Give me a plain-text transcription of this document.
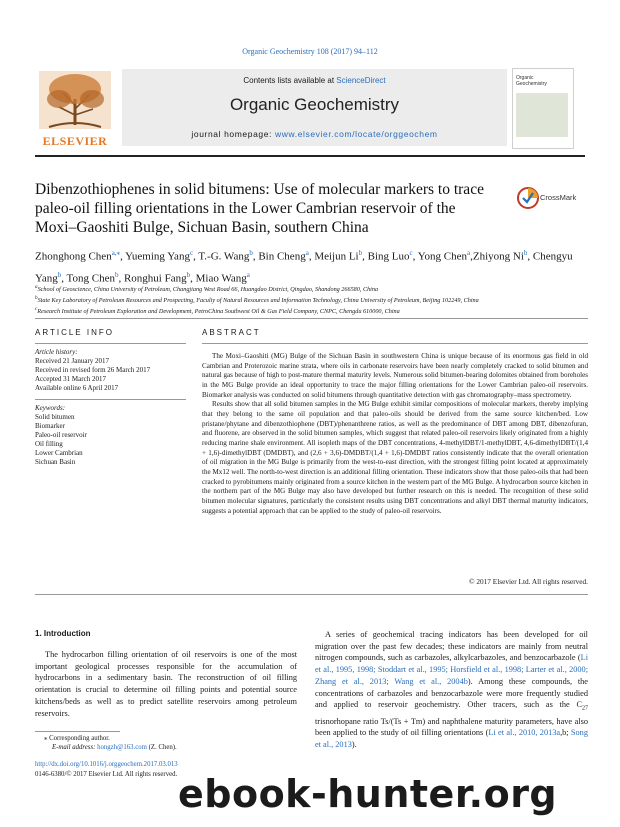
Organic Geochemistry 108 (2017) 94–112
ELSEVIER
Contents lists available at ScienceDirect
Organic Geochemistry
journal homepage: www.elsevier.com/locate/orggeochem
Organic Geochemistry
Dibenzothiophenes in solid bitumens: Use of molecular markers to trace paleo-oil filling orientations in the Lower Cambrian reservoir of the Moxi–Gaoshiti Bulge, Sichuan Basin, southern China
CrossMark
Zhonghong Chen$^{a,⁎}$, Yueming Yang$^c$, T.-G. Wang$^b$, Bin Cheng$^a$, Meijun Li$^b$, Bing Luo$^c$, Yong Chen$^a$,Zhiyong Ni$^b$, Chengyu Yang$^b$, Tong Chen$^b$, Ronghui Fang$^b$, Miao Wang$^a$
$^a$School of Geoscience, China University of Petroleum, Changjiang West Road 66, Huangdao District, Qingdao, Shandong 266580, China
$^b$State Key Laboratory of Petroleum Resources and Prospecting, Faculty of Natural Resources and Information Technology, China University of Petroleum, Beijing 102249, China
$^c$Research Institute of Petroleum Exploration and Development, PetroChina Southwest Oil & Gas Field Company, CNPC, Chengdu 610000, China
ARTICLE INFO	ABSTRACT
Article history:
Received 21 January 2017
Received in revised form 26 March 2017
Accepted 31 March 2017
Available online 6 April 2017
Keywords:
Solid bitumen
Biomarker
Paleo-oil reservoir
Oil filling
Lower Cambrian
Sichuan Basin

The Moxi–Gaoshiti (MG) Bulge of the Sichuan Basin in southwestern China is unique because of its enormous gas field in old Cambrian and Proterozoic marine strata, where oils in carbonate reservoirs have been nearly completely cracked to solid bitumen and natural gas because of high to post-mature thermal maturity levels. Numerous solid bitumen-bearing dolomites obtained from boreholes in the MG Bulge provide an ideal opportunity to trace the major filling orientations for the Lower Cambrian paleo-oil reservoirs. Biomarker analysis was conducted on solid bitumens through quantitative detection with gas chromatography–mass spectrometry.

Results show that all solid bitumen samples in the MG Bulge exhibit similar compositions of molecular markers, thereby implying that they belong to the same oil population and that paleo-oils should be derived from the same source kitchen/bed. Low pristane/phytane and dibenzothiophene (DBT)/phenanthrene ratios, as well as the predominance of DBT among DBT, dibenzofuran, and fluorene, are observed in the solid bitumen samples, which suggest that related paleo-oil reservoirs likely originated from a highly reducing marine shale environment. All isopleth maps of the DBT concentrations, 4-methylDBT/1-methylDBT, 4,6-dimethylDBT/(1,4 + 1,6)-dimethylDBT (DMDBT), and (2,6 + 3,6)-DMDBT/(1,4 + 1,6)-DMDBT ratios consistently indicate that the overall orientation of oil migration in the MG Bulge is primarily from the west-to-east direction, with the strongest filling point located at approximately the Mx12 well. The north-to-west direction is an additional filling orientation. These indicators show that those paleo-oils that had been cracked to pyrobitumens mainly originated from a source kitchen in the western part of the MG Bulge. A hydrocarbon source kitchen in the northern part of the MG Bulge may also have developed but further research on this is needed. The recognition of these solid bitumen molecular signatures, particularly the consistent results using DBT concentrations and alkyl DBT thermal maturity indicators, suggests a potential approach that can be applied to the study of paleo-oil reservoirs.

© 2017 Elsevier Ltd. All rights reserved.
1. Introduction

The hydrocarbon filling orientation of oil reservoirs is one of the most important geological processes responsible for the accumulation of hydrocarbons in a sedimentary basin. The reconstruction of oil filling orientation is crucial to determine oil filling points and potential source kitchens/beds as well as to predict satellite reservoirs among petroleum reservoirs.

A series of geochemical tracing indicators has been developed for oil migration over the past few decades; these indicators are mainly from neutral nitrogen compounds, such as carbazoles, alkylcarbazoles, and benzocarbazole (Li et al., 1995, 1998; Stoddart et al., 1995; Horsfield et al., 1998; Larter et al., 2000; Zhang et al., 2013; Wang et al., 2004b). Among these compounds, the concentrations of carbazoles and benzocarbazole were more frequently studied and applied to reservoir geochemistry. Other tracers, such as the $C_{27}$ trisnorhopane ratio Ts/(Ts + Tm) and naphthalene maturity parameters, have also been applied to the study of oil filling orientations (Li et al., 2010, 2013a,b; Song et al., 2013).

⁎ Corresponding author.
E-mail address: hongzh@163.com (Z. Chen).
http://dx.doi.org/10.1016/j.orggeochem.2017.03.013
0146-6380/© 2017 Elsevier Ltd. All rights reserved. ebook-hunter.org
